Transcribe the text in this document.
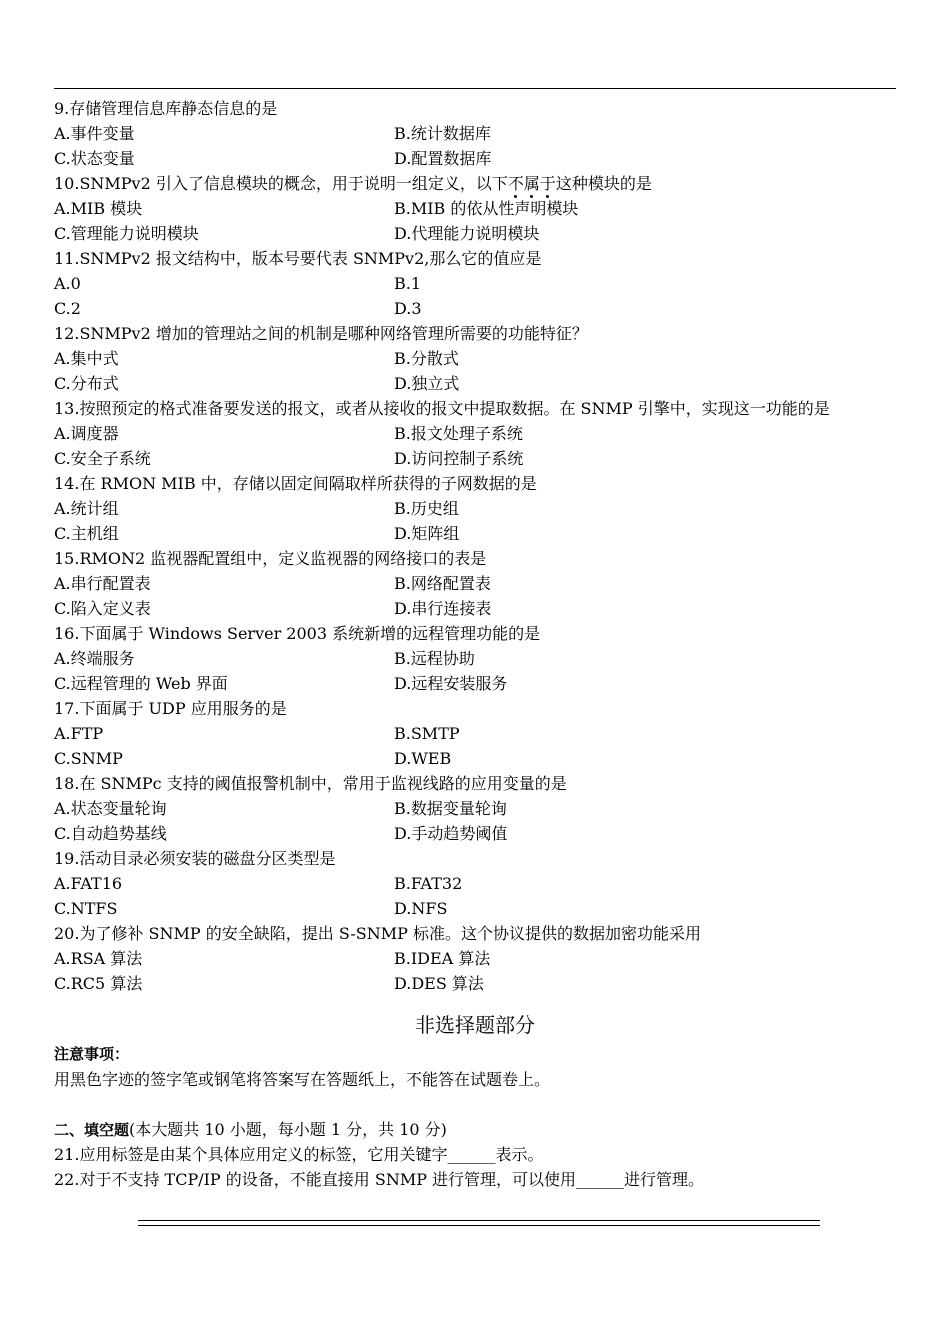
9.存储管理信息库静态信息的是
A.事件变量	B.统计数据库
C.状态变量	D.配置数据库
10.SNMPv2 引入了信息模块的概念，用于说明一组定义，以下不
属
于
这种模块的是
A.MIB 模块	B.MIB 的依从性声明模块
C.管理能力说明模块	D.代理能力说明模块
11.SNMPv2 报文结构中，版本号要代表 SNMPv2,那么它的值应是
A.0	B.1
C.2	D.3
12.SNMPv2 增加的管理站之间的机制是哪种网络管理所需要的功能特征？
A.集中式	B.分散式
C.分布式	D.独立式
13.按照预定的格式准备要发送的报文，或者从接收的报文中提取数据。在 SNMP 引擎中，实现这一功能的是
A.调度器	B.报文处理子系统
C.安全子系统	D.访问控制子系统
14.在 RMON MIB 中，存储以固定间隔取样所获得的子网数据的是
A.统计组	B.历史组
C.主机组	D.矩阵组
15.RMON2 监视器配置组中，定义监视器的网络接口的表是
A.串行配置表	B.网络配置表
C.陷入定义表	D.串行连接表
16.下面属于 Windows Server 2003 系统新增的远程管理功能的是
A.终端服务	B.远程协助
C.远程管理的 Web 界面	D.远程安装服务
17.下面属于 UDP 应用服务的是
A.FTP	B.SMTP
C.SNMP	D.WEB
18.在 SNMPc 支持的阈值报警机制中，常用于监视线路的应用变量的是
A.状态变量轮询	B.数据变量轮询
C.自动趋势基线	D.手动趋势阈值
19.活动目录必须安装的磁盘分区类型是
A.FAT16	B.FAT32
C.NTFS	D.NFS
20.为了修补 SNMP 的安全缺陷，提出 S-SNMP 标准。这个协议提供的数据加密功能采用
A.RSA 算法	B.IDEA 算法
C.RC5 算法	D.DES 算法
非选择题部分
注意事项：
用黑色字迹的签字笔或钢笔将答案写在答题纸上，不能答在试题卷上。
二、填空题(本大题共 10 小题，每小题 1 分，共 10 分)
21.应用标签是由某个具体应用定义的标签，它用关键字______表示。
22.对于不支持 TCP/IP 的设备，不能直接用 SNMP 进行管理，可以使用______进行管理。
